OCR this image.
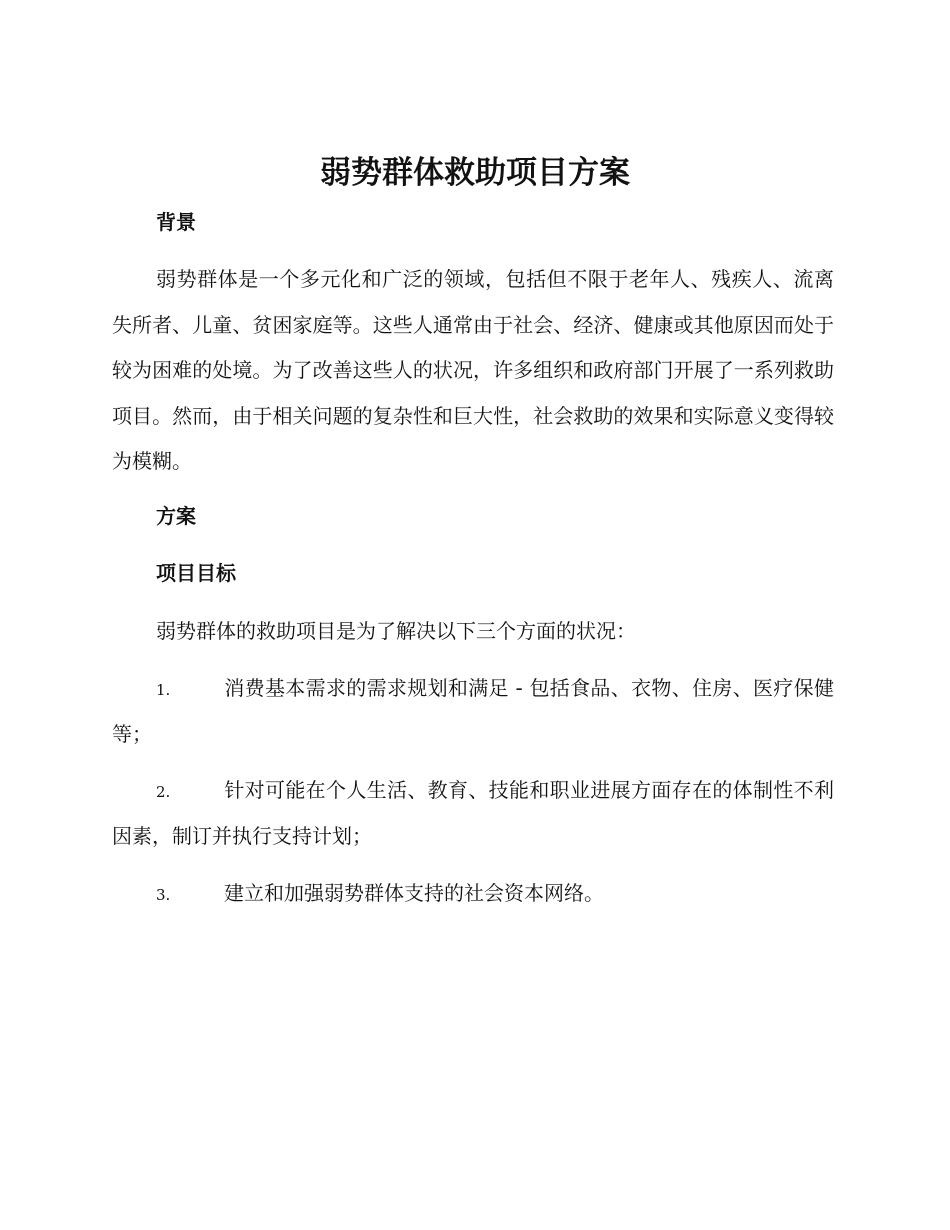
弱势群体救助项目方案
背景
弱势群体是一个多元化和广泛的领域，包括但不限于老年人、残疾人、流离失所者、儿童、贫困家庭等。这些人通常由于社会、经济、健康或其他原因而处于较为困难的处境。为了改善这些人的状况，许多组织和政府部门开展了一系列救助项目。然而，由于相关问题的复杂性和巨大性，社会救助的效果和实际意义变得较为模糊。
方案
项目目标
弱势群体的救助项目是为了解决以下三个方面的状况：
1.	消费基本需求的需求规划和满足 - 包括食品、衣物、住房、医疗保健等；
2.	针对可能在个人生活、教育、技能和职业进展方面存在的体制性不利因素，制订并执行支持计划；
3.	建立和加强弱势群体支持的社会资本网络。
